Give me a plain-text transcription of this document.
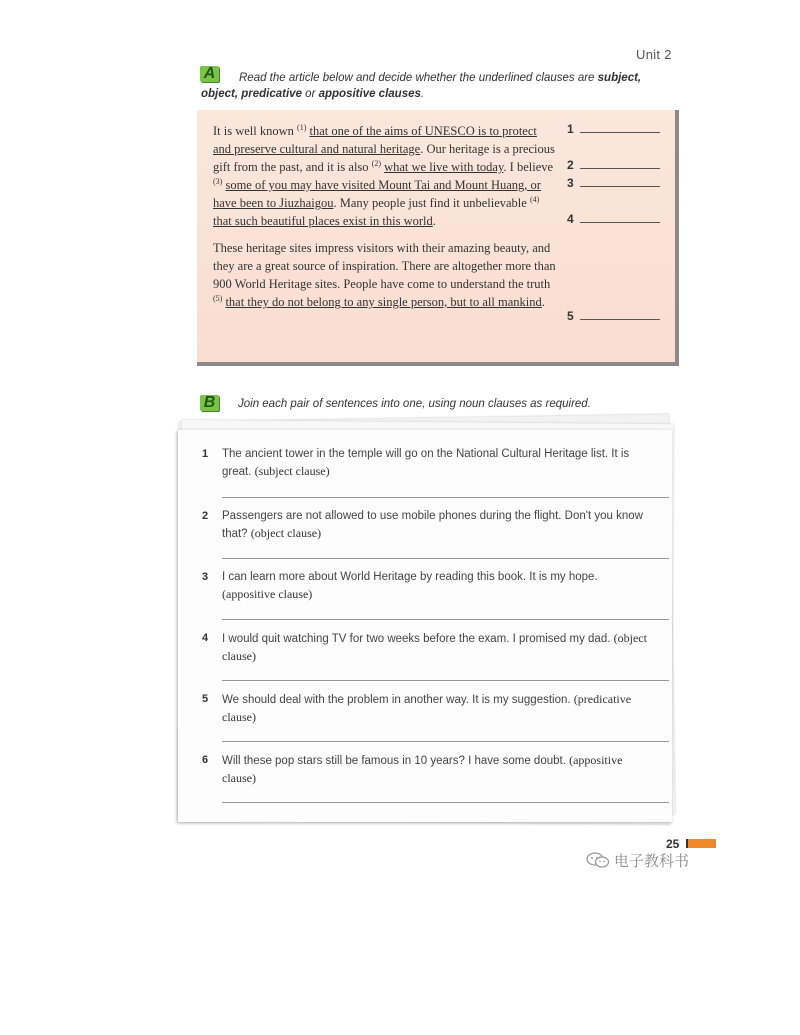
Unit 2
Read the article below and decide whether the underlined clauses are subject, object, predicative or appositive clauses.
A

It is well known $^{(1)}$ that one of the aims of UNESCO is to protect and preserve cultural and natural heritage. Our heritage is a precious gift from the past, and it is also $^{(2)}$ what we live with today. I believe $^{(3)}$ some of you may have visited Mount Tai and Mount Huang, or have been to Jiuzhaigou. Many people just find it unbelievable $^{(4)}$ that such beautiful places exist in this world.

These heritage sites impress visitors with their amazing beauty, and they are a great source of inspiration. There are altogether more than 900 World Heritage sites. People have come to understand the truth $^{(5)}$ that they do not belong to any single person, but to all mankind.

1
2
3
4
5
B	Join each pair of sentences into one, using noun clauses as required.
1 The ancient tower in the temple will go on the National Cultural Heritage list. It is great. (subject clause)
2 Passengers are not allowed to use mobile phones during the flight. Don't you know that? (object clause)
3 I can learn more about World Heritage by reading this book. It is my hope. (appositive clause)
4 I would quit watching TV for two weeks before the exam. I promised my dad. (object clause)
5 We should deal with the problem in another way. It is my suggestion. (predicative clause)
6 Will these pop stars still be famous in 10 years? I have some doubt. (appositive clause)
25
电子教科书
